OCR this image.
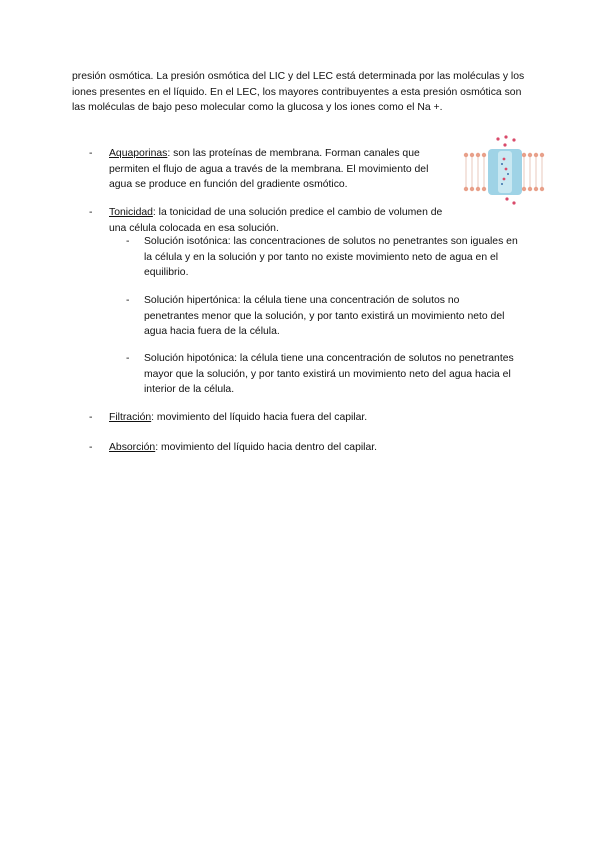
presión osmótica. La presión osmótica del LIC y del LEC está determinada por las moléculas y los iones presentes en el líquido. En el LEC, los mayores contribuyentes a esta presión osmótica son las moléculas de bajo peso molecular como la glucosa y los iones como el Na +.

- Aquaporinas: son las proteínas de membrana. Forman canales que permiten el flujo de agua a través de la membrana. El movimiento del agua se produce en función del gradiente osmótico.
- Tonicidad: la tonicidad de una solución predice el cambio de volumen de una célula colocada en esa solución.
- Solución isotónica: las concentraciones de solutos no penetrantes son iguales en la célula y en la solución y por tanto no existe movimiento neto de agua en el equilibrio.
- Solución hipertónica: la célula tiene una concentración de solutos no penetrantes menor que la solución, y por tanto existirá un movimiento neto del agua hacia fuera de la célula.
- Solución hipotónica: la célula tiene una concentración de solutos no penetrantes mayor que la solución, y por tanto existirá un movimiento neto del agua hacia el interior de la célula.
- Filtración: movimiento del líquido hacia fuera del capilar.
- Absorción: movimiento del líquido hacia dentro del capilar.
